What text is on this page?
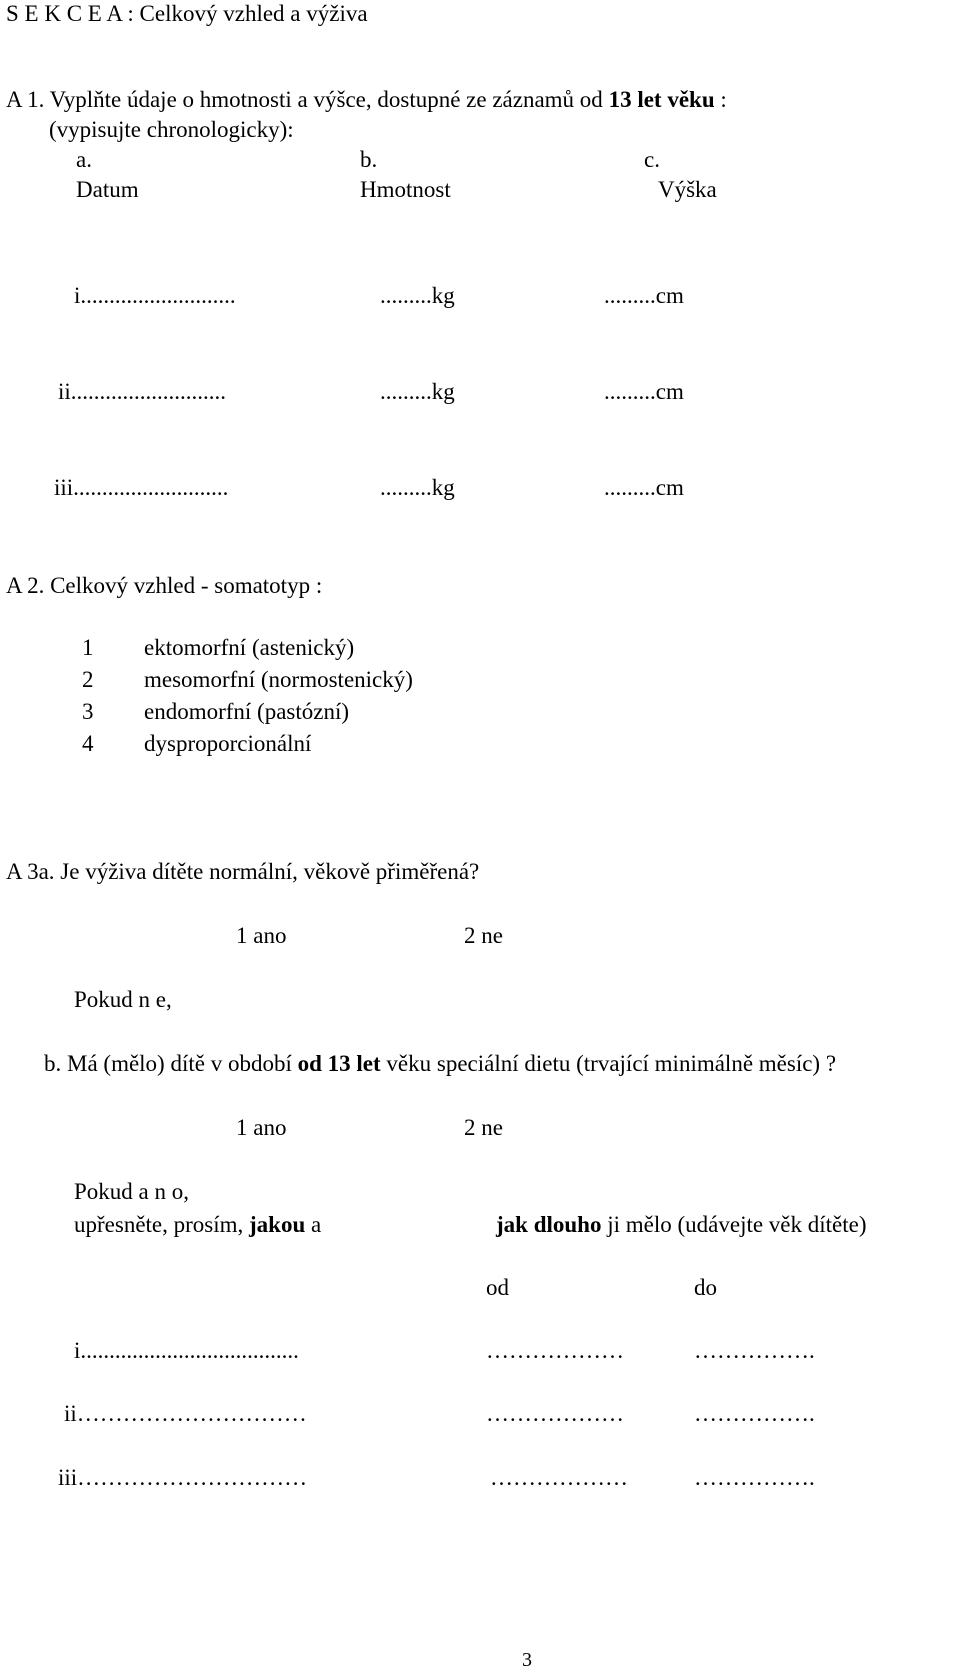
S E K C E A : Celkový vzhled a výživa
A 1. Vyplňte údaje o hmotnosti a výšce, dostupné ze záznamů od 13 let věku :
(vypisujte chronologicky):
a.	b.	c.
Datum	Hmotnost	Výška
i...........................	.........kg	.........cm
ii...........................	.........kg	.........cm
iii...........................	.........kg	.........cm
A 2. Celkový vzhled - somatotyp :
1 ektomorfní (astenický)
2 mesomorfní (normostenický)
3 endomorfní (pastózní)
4 dysproporcionální
A 3a. Je výživa dítěte normální, věkově přiměřená?
1 ano	2 ne
Pokud n e,
b. Má (mělo) dítě v období od 13 let věku speciální dietu (trvající minimálně měsíc) ?
1 ano	2 ne
Pokud a n o,
upřesněte, prosím, jakou a	jak dlouho ji mělo (udávejte věk dítěte)
od	do
i......................................	………………	…………….
ii…………………………	………………	…………….
iii…………………………	………………	…………….
3
